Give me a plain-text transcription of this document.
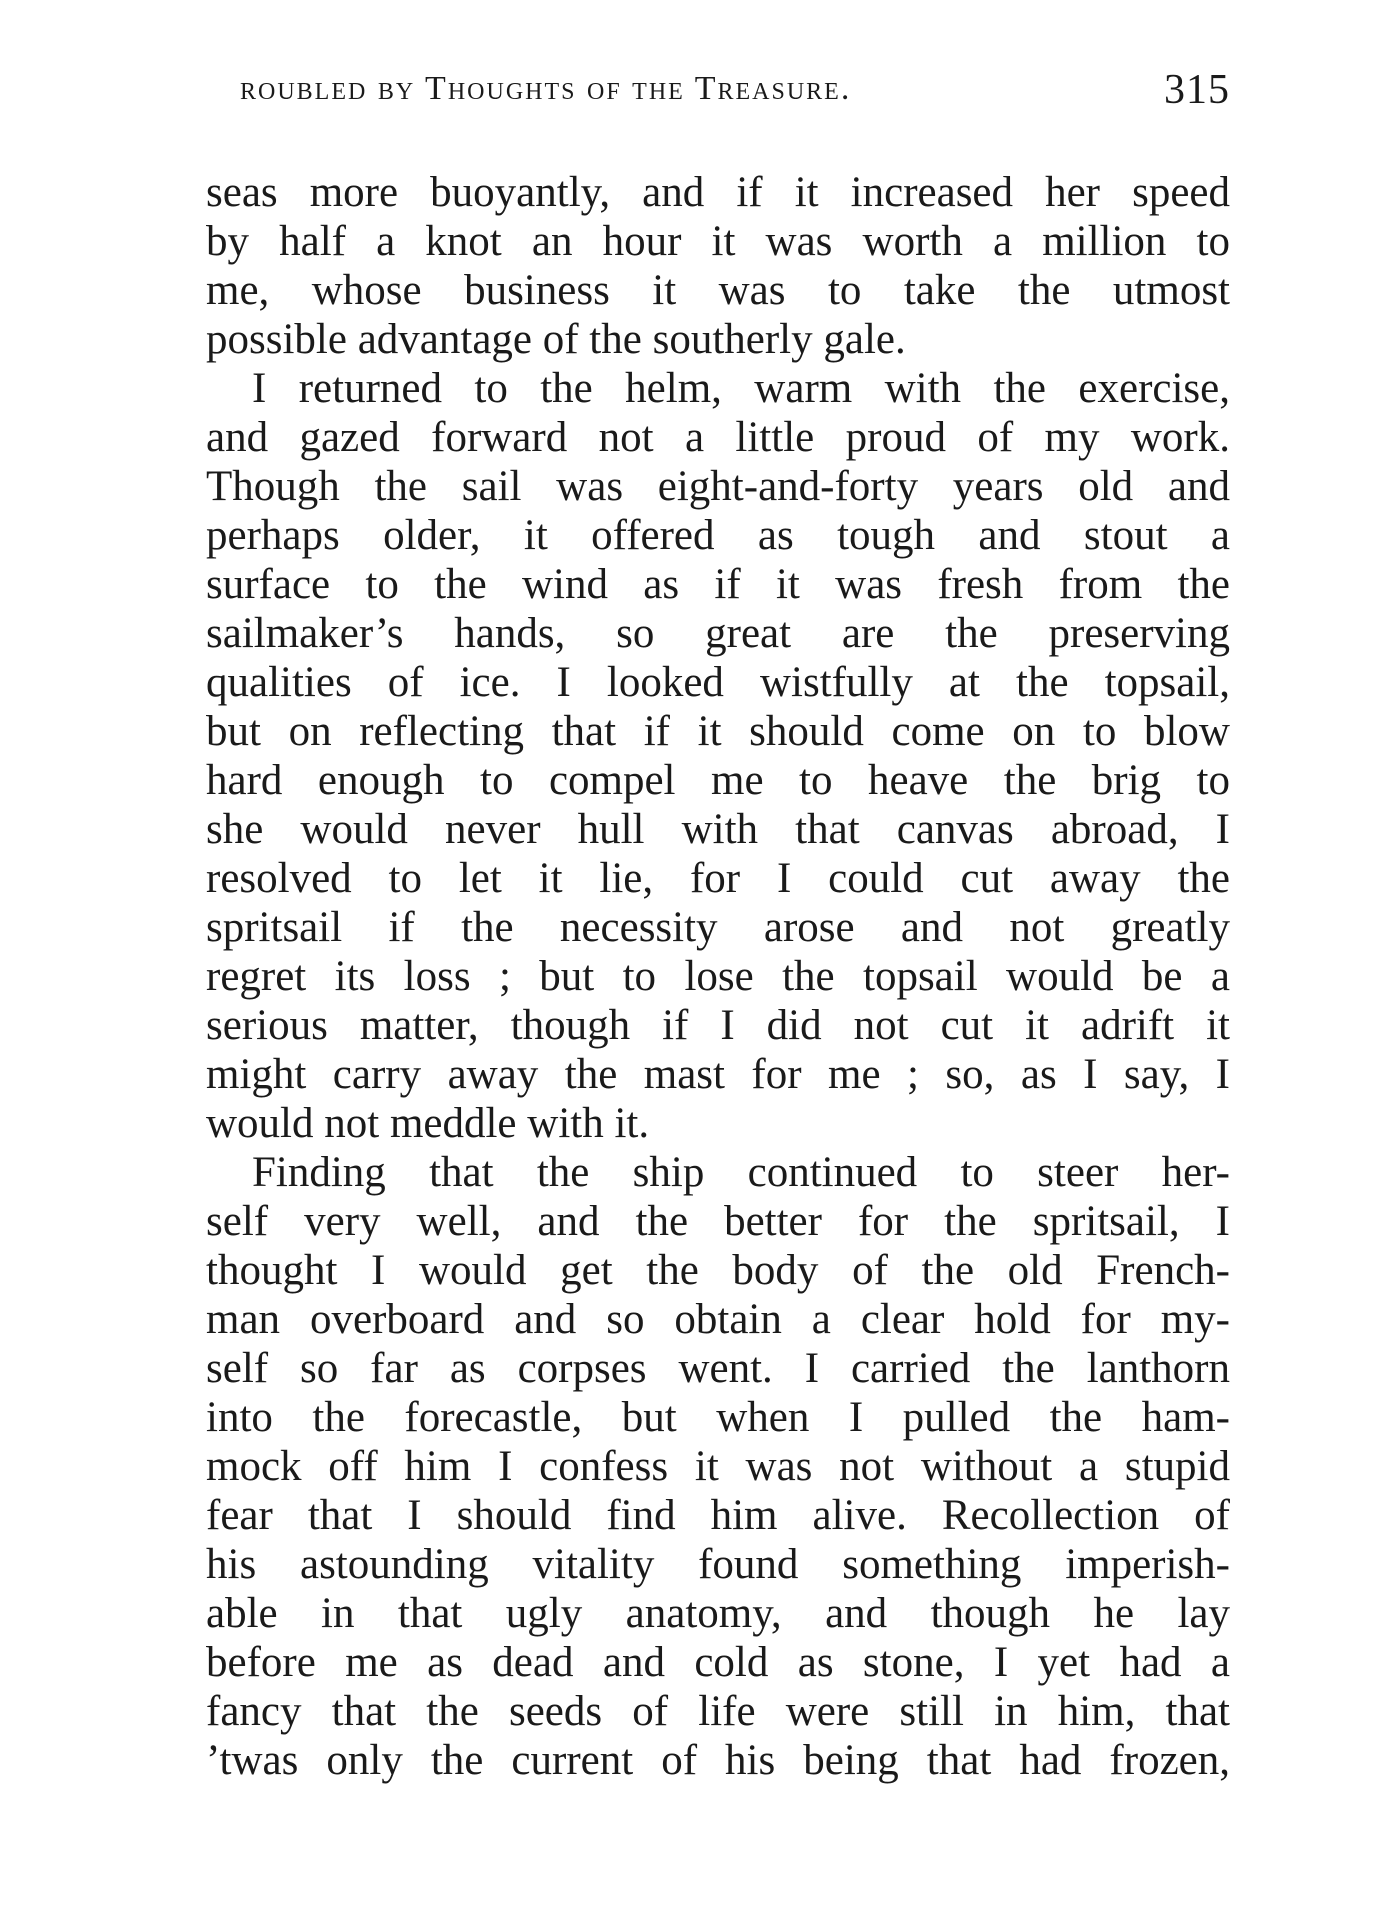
roubled by Thoughts of the Treasure.	315
seas more buoyantly, and if it increased her speed
by half a knot an hour it was worth a million to
me, whose business it was to take the utmost
possible advantage of the southerly gale.
I returned to the helm, warm with the exercise,
and gazed forward not a little proud of my work.
Though the sail was eight-and-forty years old and
perhaps older, it offered as tough and stout a
surface to the wind as if it was fresh from the
sailmaker’s hands, so great are the preserving
qualities of ice. I looked wistfully at the topsail,
but on reflecting that if it should come on to blow
hard enough to compel me to heave the brig to
she would never hull with that canvas abroad, I
resolved to let it lie, for I could cut away the
spritsail if the necessity arose and not greatly
regret its loss ; but to lose the topsail would be a
serious matter, though if I did not cut it adrift it
might carry away the mast for me ; so, as I say, I
would not meddle with it.
Finding that the ship continued to steer her-
self very well, and the better for the spritsail, I
thought I would get the body of the old French-
man overboard and so obtain a clear hold for my-
self so far as corpses went. I carried the lanthorn
into the forecastle, but when I pulled the ham-
mock off him I confess it was not without a stupid
fear that I should find him alive. Recollection of
his astounding vitality found something imperish-
able in that ugly anatomy, and though he lay
before me as dead and cold as stone, I yet had a
fancy that the seeds of life were still in him, that
’twas only the current of his being that had frozen,
